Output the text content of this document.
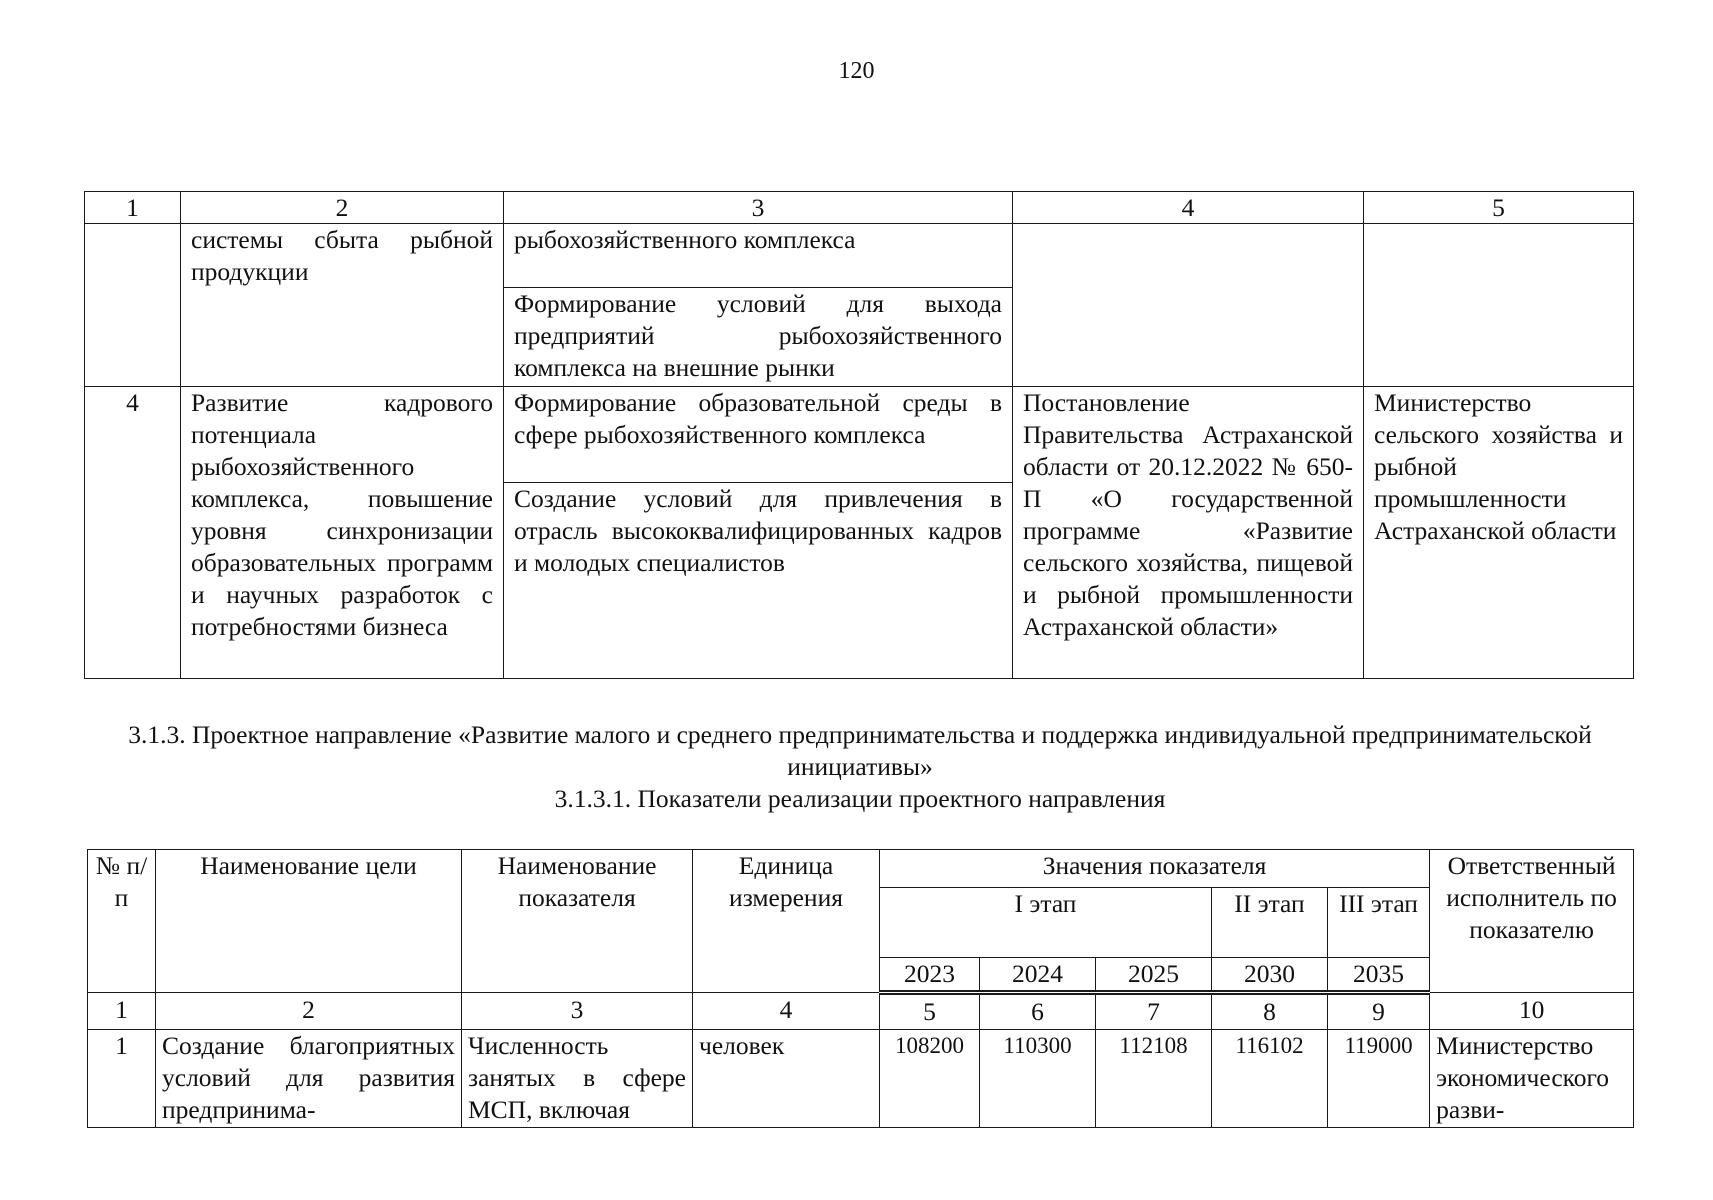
120
1	2	3	4	5
	системы сбыта рыбной продукции	рыбохозяйственного комплекса		
		Формирование условий для выхода предприятий рыбохозяйственного комплекса на внешние рынки		
4	Развитие кадрового потенциала рыбохозяйственного комплекса, повышение уровня синхронизации образовательных программ и научных разработок с потребностями бизнеса	Формирование образовательной среды в сфере рыбохозяйственного комплекса	Постановление Правительства Астраханской области от 20.12.2022 № 650-П «О государственной программе «Развитие сельского хозяйства, пищевой и рыбной промышленности Астраханской области»	Министерство сельского хозяйства и рыбной промышленности Астраханской области
		Создание условий для привлечения в отрасль высококвалифицированных кадров и молодых специалистов		
3.1.3. Проектное направление «Развитие малого и среднего предпринимательства и поддержка индивидуальной предпринимательской инициативы»
3.1.3.1. Показатели реализации проектного направления
№ п/п	Наименование цели	Наименование показателя	Единица измерения	Значения показателя					Ответственный исполнитель по показателю
				I этап			II этап	III этап	
				2023	2024	2025	2030	2035	
1	2	3	4	5	6	7	8	9	10
1	Создание благоприятных условий для развития предпринима-	Численность занятых в сфере МСП, включая	человек	108200	110300	112108	116102	119000	Министерство экономического разви-
